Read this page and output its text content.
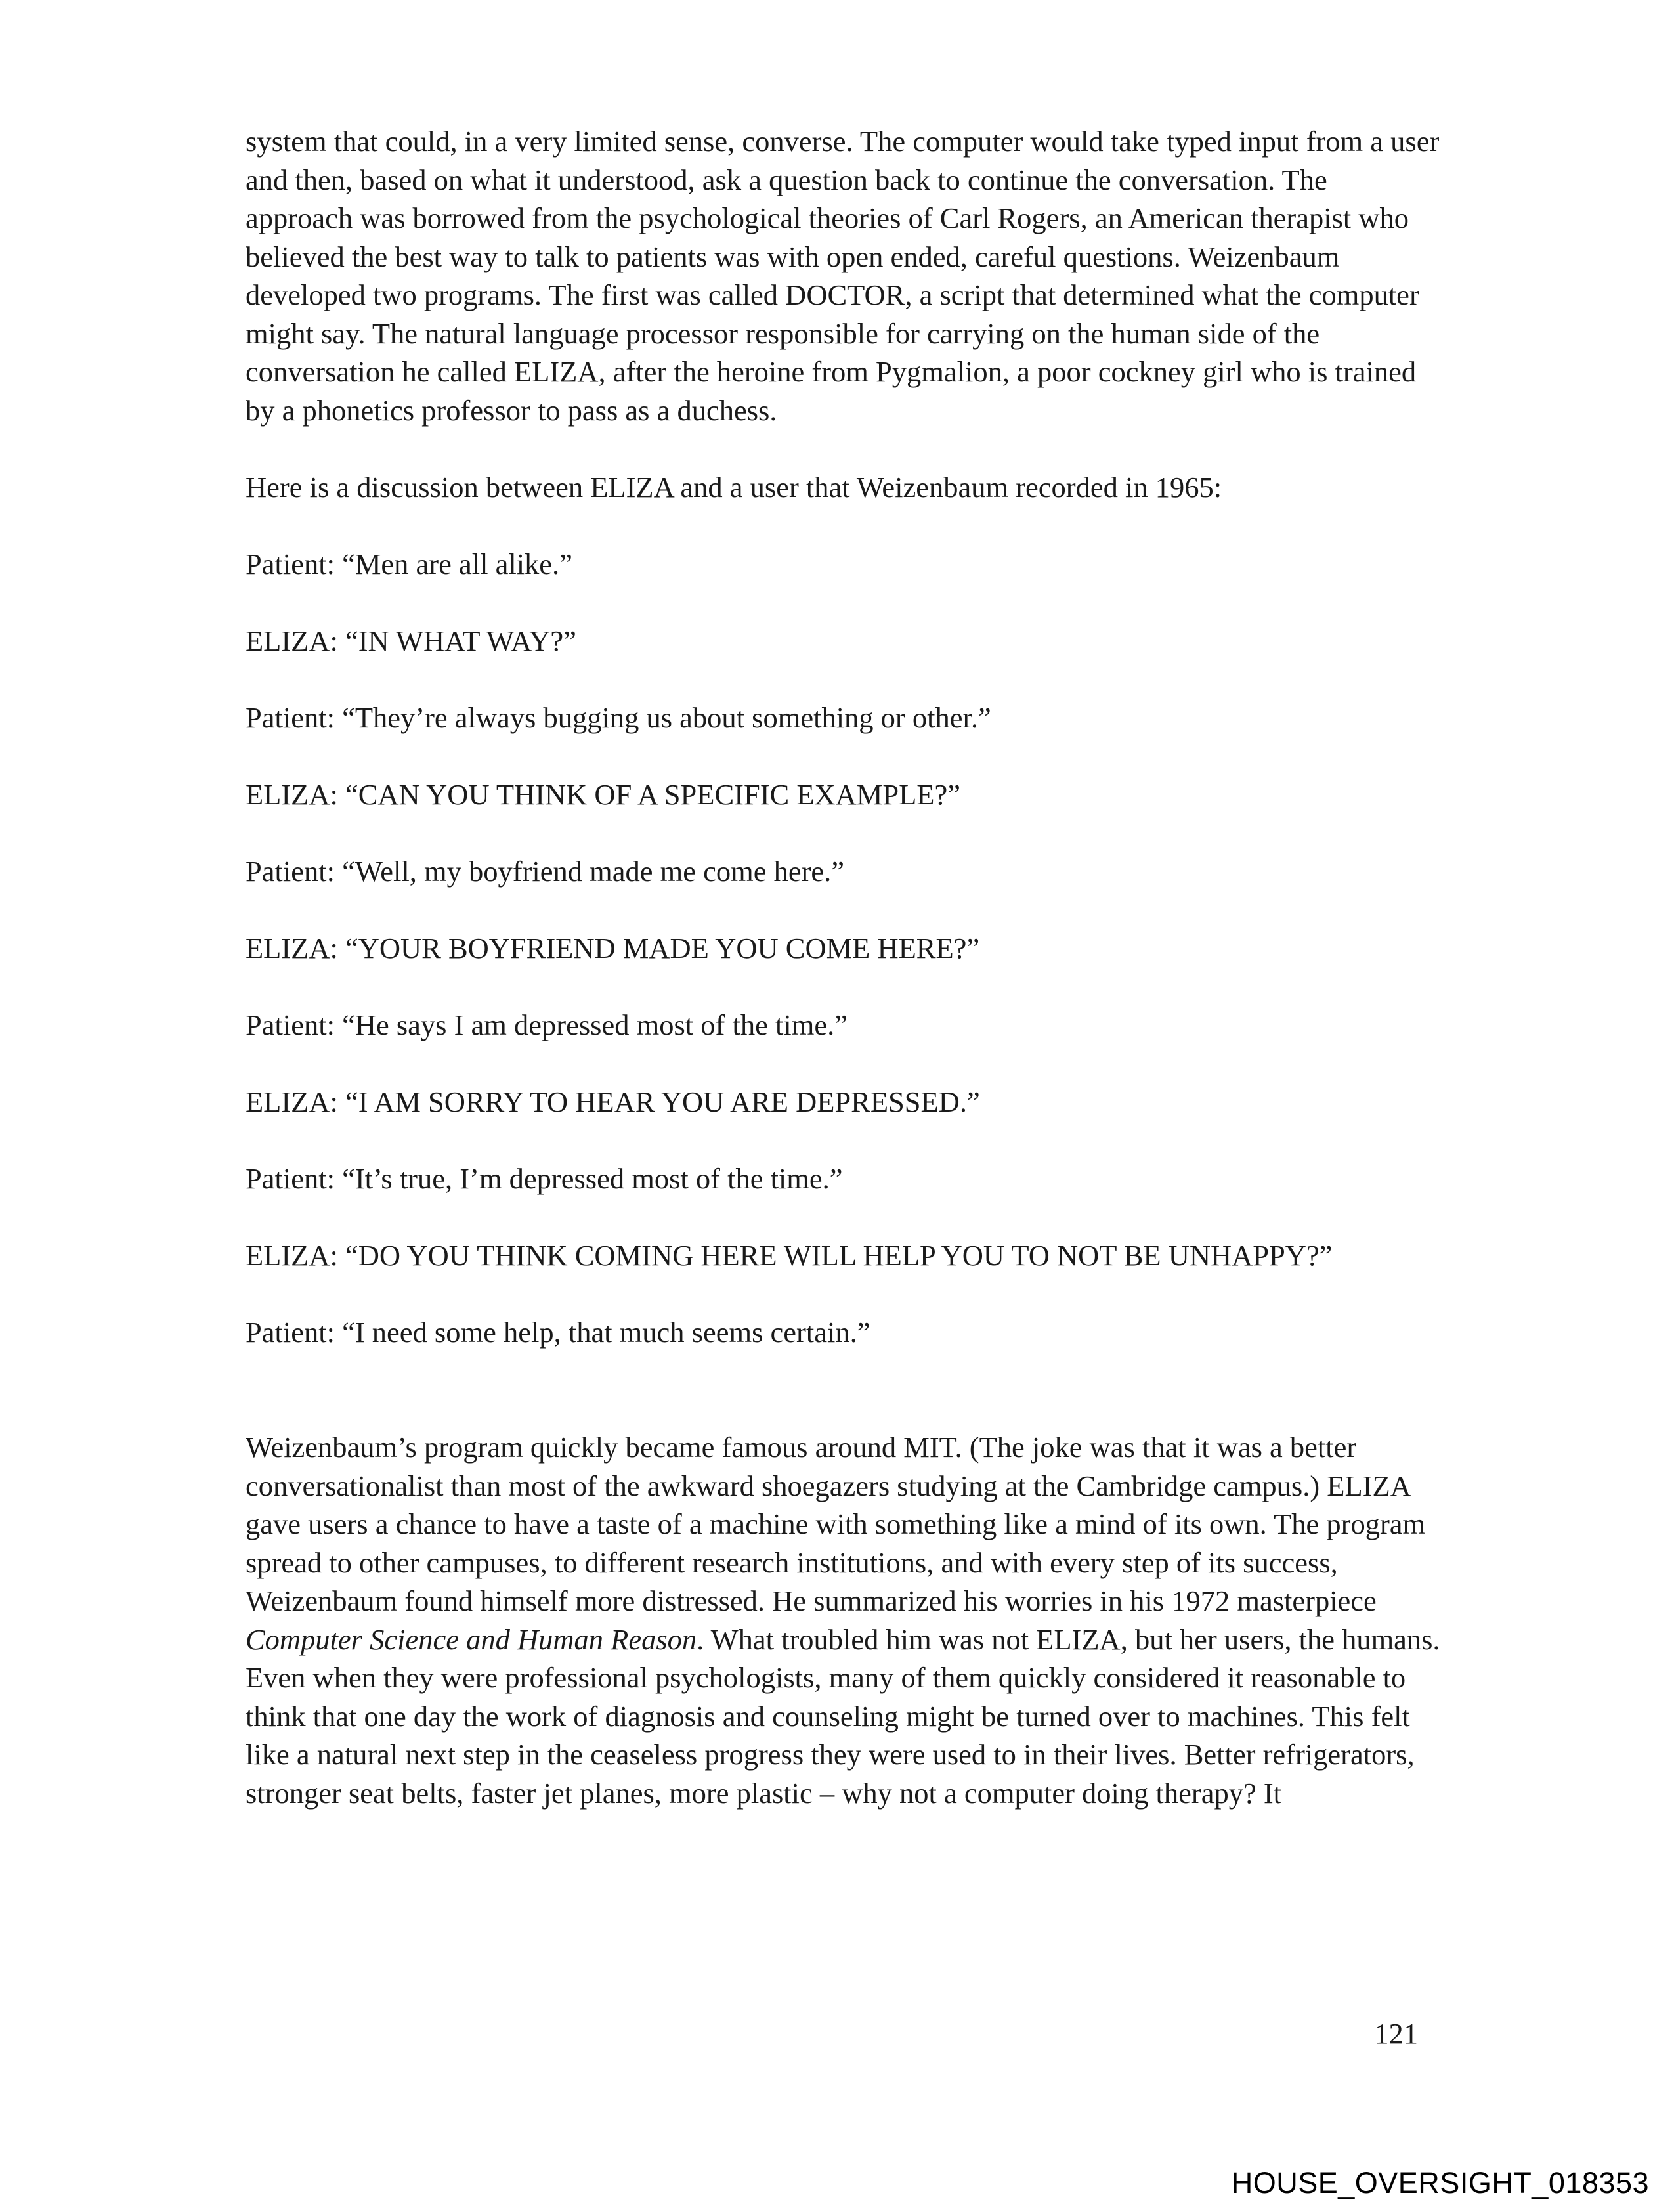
system that could, in a very limited sense, converse. The computer would take typed input from a user and then, based on what it understood, ask a question back to continue the conversation. The approach was borrowed from the psychological theories of Carl Rogers, an American therapist who believed the best way to talk to patients was with open ended, careful questions. Weizenbaum developed two programs. The first was called DOCTOR, a script that determined what the computer might say. The natural language processor responsible for carrying on the human side of the conversation he called ELIZA, after the heroine from Pygmalion, a poor cockney girl who is trained by a phonetics professor to pass as a duchess.

Here is a discussion between ELIZA and a user that Weizenbaum recorded in 1965:

Patient: “Men are all alike.”

ELIZA: “IN WHAT WAY?”

Patient: “They’re always bugging us about something or other.”

ELIZA: “CAN YOU THINK OF A SPECIFIC EXAMPLE?”

Patient: “Well, my boyfriend made me come here.”

ELIZA: “YOUR BOYFRIEND MADE YOU COME HERE?”

Patient: “He says I am depressed most of the time.”

ELIZA: “I AM SORRY TO HEAR YOU ARE DEPRESSED.”

Patient: “It’s true, I’m depressed most of the time.”

ELIZA: “DO YOU THINK COMING HERE WILL HELP YOU TO NOT BE UNHAPPY?”

Patient: “I need some help, that much seems certain.”

Weizenbaum’s program quickly became famous around MIT. (The joke was that it was a better conversationalist than most of the awkward shoegazers studying at the Cambridge campus.) ELIZA gave users a chance to have a taste of a machine with something like a mind of its own. The program spread to other campuses, to different research institutions, and with every step of its success, Weizenbaum found himself more distressed. He summarized his worries in his 1972 masterpiece Computer Science and Human Reason. What troubled him was not ELIZA, but her users, the humans. Even when they were professional psychologists, many of them quickly considered it reasonable to think that one day the work of diagnosis and counseling might be turned over to machines. This felt like a natural next step in the ceaseless progress they were used to in their lives. Better refrigerators, stronger seat belts, faster jet planes, more plastic – why not a computer doing therapy? It

121
HOUSE_OVERSIGHT_018353
